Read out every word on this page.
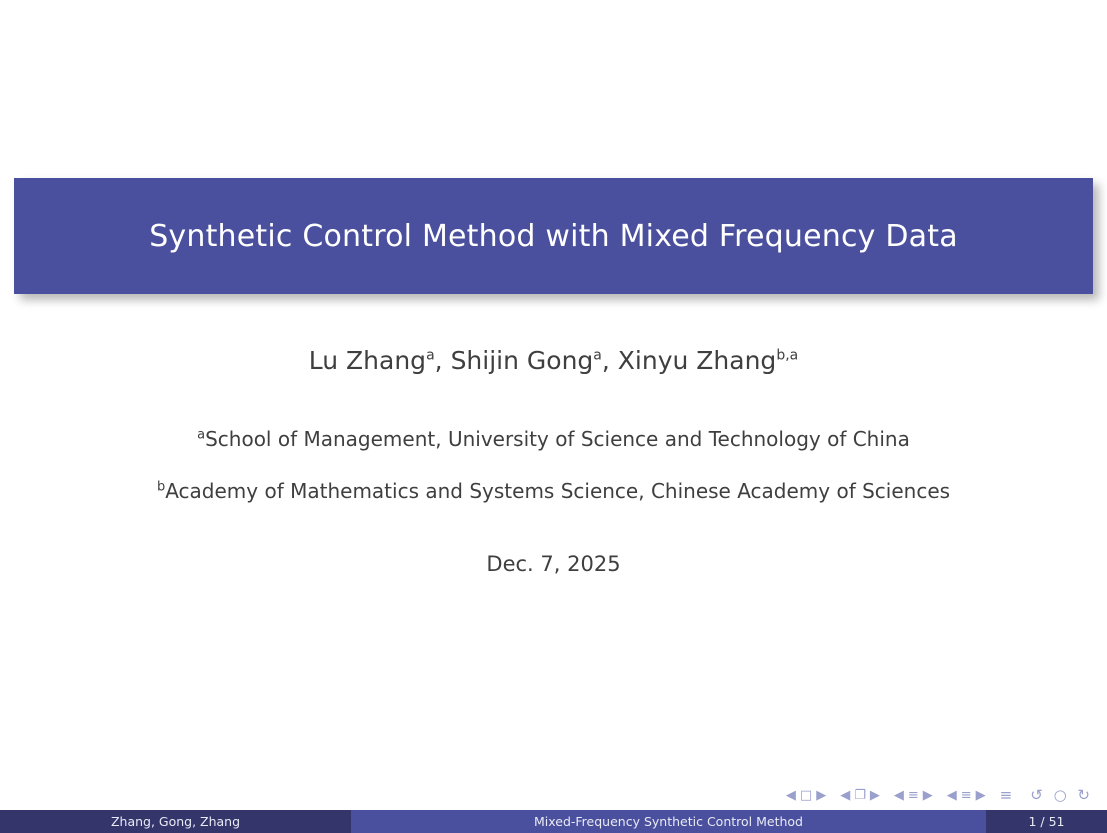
Synthetic Control Method with Mixed Frequency Data
Lu Zhang$^a$, Shijin Gong$^a$, Xinyu Zhang$^{b,a}$
$^a$School of Management, University of Science and Technology of China
$^b$Academy of Mathematics and Systems Science, Chinese Academy of Sciences
Dec. 7, 2025
◀ □ ▶ ◀ ❐ ▶ ◀ ≡ ▶ ◀ ≡ ▶ ≡ ↺ ○ ↻
Zhang, Gong, Zhang	Mixed-Frequency Synthetic Control Method	1 / 51
